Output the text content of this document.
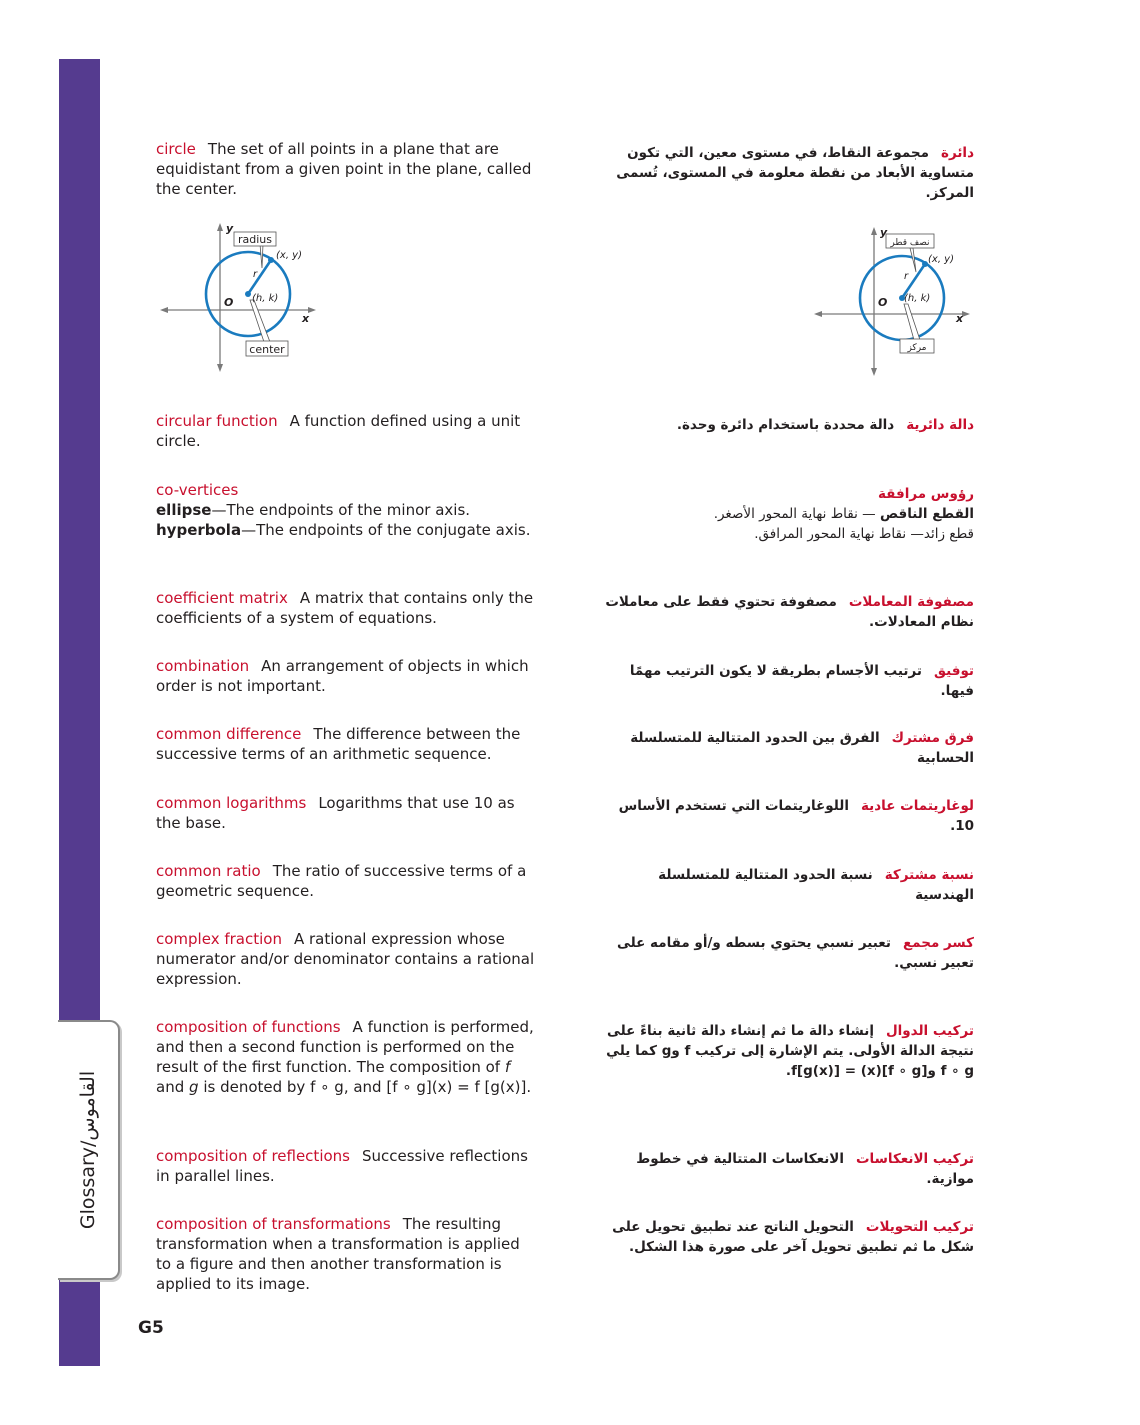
Glossary/القاموس
circle The set of all points in a plane that are equidistant from a given point in the plane, called the center.
دائرةمجموعة النقاط، في مستوى معين، التي تكون متساوية الأبعاد من نقطة معلومة في المستوى، تُسمى المركز.
radius
center
y
x
O
(x, y)
(h, k)
r
نصف قطر
مركز
y
x
O
(x, y)
(h, k)
r
circular function A function defined using a unit circle.
دالة دائريةدالة محددة باستخدام دائرة وحدة.
co-vertices
ellipse—The endpoints of the minor axis.
hyperbola—The endpoints of the conjugate axis.
رؤوس مرافقة
القطع الناقص — نقاط نهاية المحور الأصغر.
قطع زائد— نقاط نهاية المحور المرافق.
coefficient matrix A matrix that contains only the coefficients of a system of equations.
مصفوفة المعاملاتمصفوفة تحتوي فقط على معاملات نظام المعادلات.
combination An arrangement of objects in which order is not important.
توفيقترتيب الأجسام بطريقة لا يكون الترتيب مهمًا فيها.
common difference The difference between the successive terms of an arithmetic sequence.
فرق مشتركالفرق بين الحدود المتتالية للمتسلسلة الحسابية
common logarithms Logarithms that use 10 as the base.
لوغاريتمات عاديةاللوغاريتمات التي تستخدم الأساس 10.
common ratio The ratio of successive terms of a geometric sequence.
نسبة مشتركةنسبة الحدود المتتالية للمتسلسلة الهندسية
complex fraction A rational expression whose numerator and/or denominator contains a rational expression.
كسر مجمعتعبير نسبي يحتوي بسطه و/أو مقامه على تعبير نسبي.
composition of functions A function is performed, and then a second function is performed on the result of the first function. The composition of f and g is denoted by f ∘ g, and [f ∘ g](x) = f [g(x)].
تركيب الدوالإنشاء دالة ما ثم إنشاء دالة ثانية بناءً على نتيجة الدالة الأولى. يتم الإشارة إلى تركيب f وg كما يلي f ∘ g و[f ∘ g](x) = f[g(x)].
composition of reflections Successive reflections in parallel lines.
تركيب الانعكاساتالانعكاسات المتتالية في خطوط موازية.
composition of transformations The resulting transformation when a transformation is applied to a figure and then another transformation is applied to its image.
تركيب التحويلاتالتحويل الناتج عند تطبيق تحويل على شكل ما ثم تطبيق تحويل آخر على صورة هذا الشكل.
G5
